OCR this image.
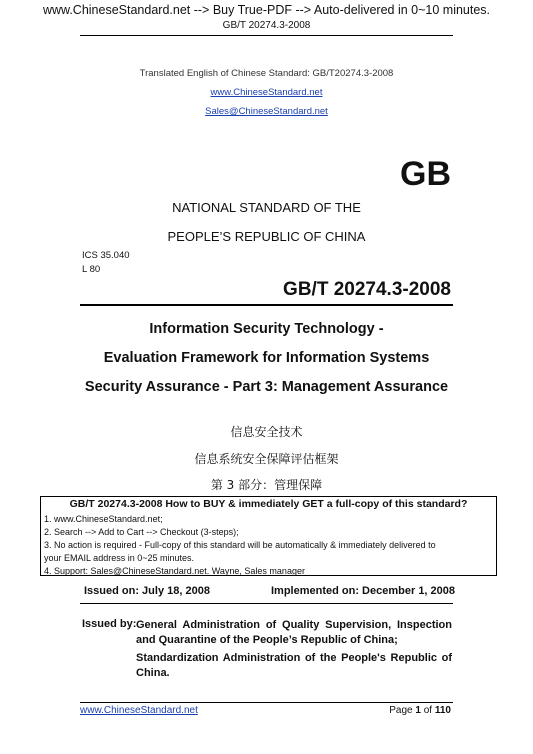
www.ChineseStandard.net --> Buy True-PDF --> Auto-delivered in 0~10 minutes.
GB/T 20274.3-2008
Translated English of Chinese Standard: GB/T20274.3-2008
www.ChineseStandard.net
Sales@ChineseStandard.net
GB
NATIONAL STANDARD OF THE
PEOPLE’S REPUBLIC OF CHINA
ICS 35.040
L 80
GB/T 20274.3-2008
Information Security Technology -
Evaluation Framework for Information Systems
Security Assurance - Part 3: Management Assurance
信息安全技术
信息系统安全保障评估框架
第 3 部分：管理保障
GB/T 20274.3-2008 How to BUY & immediately GET a full-copy of this standard?
1. www.ChineseStandard.net;
2. Search --> Add to Cart --> Checkout (3-steps);
3. No action is required - Full-copy of this standard will be automatically & immediately delivered to
your EMAIL address in 0~25 minutes.
4. Support: Sales@ChineseStandard.net. Wayne, Sales manager
Issued on: July 18, 2008	Implemented on: December 1, 2008
Issued by: General Administration of Quality Supervision, Inspection and Quarantine of the People’s Republic of China;
Standardization Administration of the People's Republic of China.
www.ChineseStandard.net	Page 1 of 110
